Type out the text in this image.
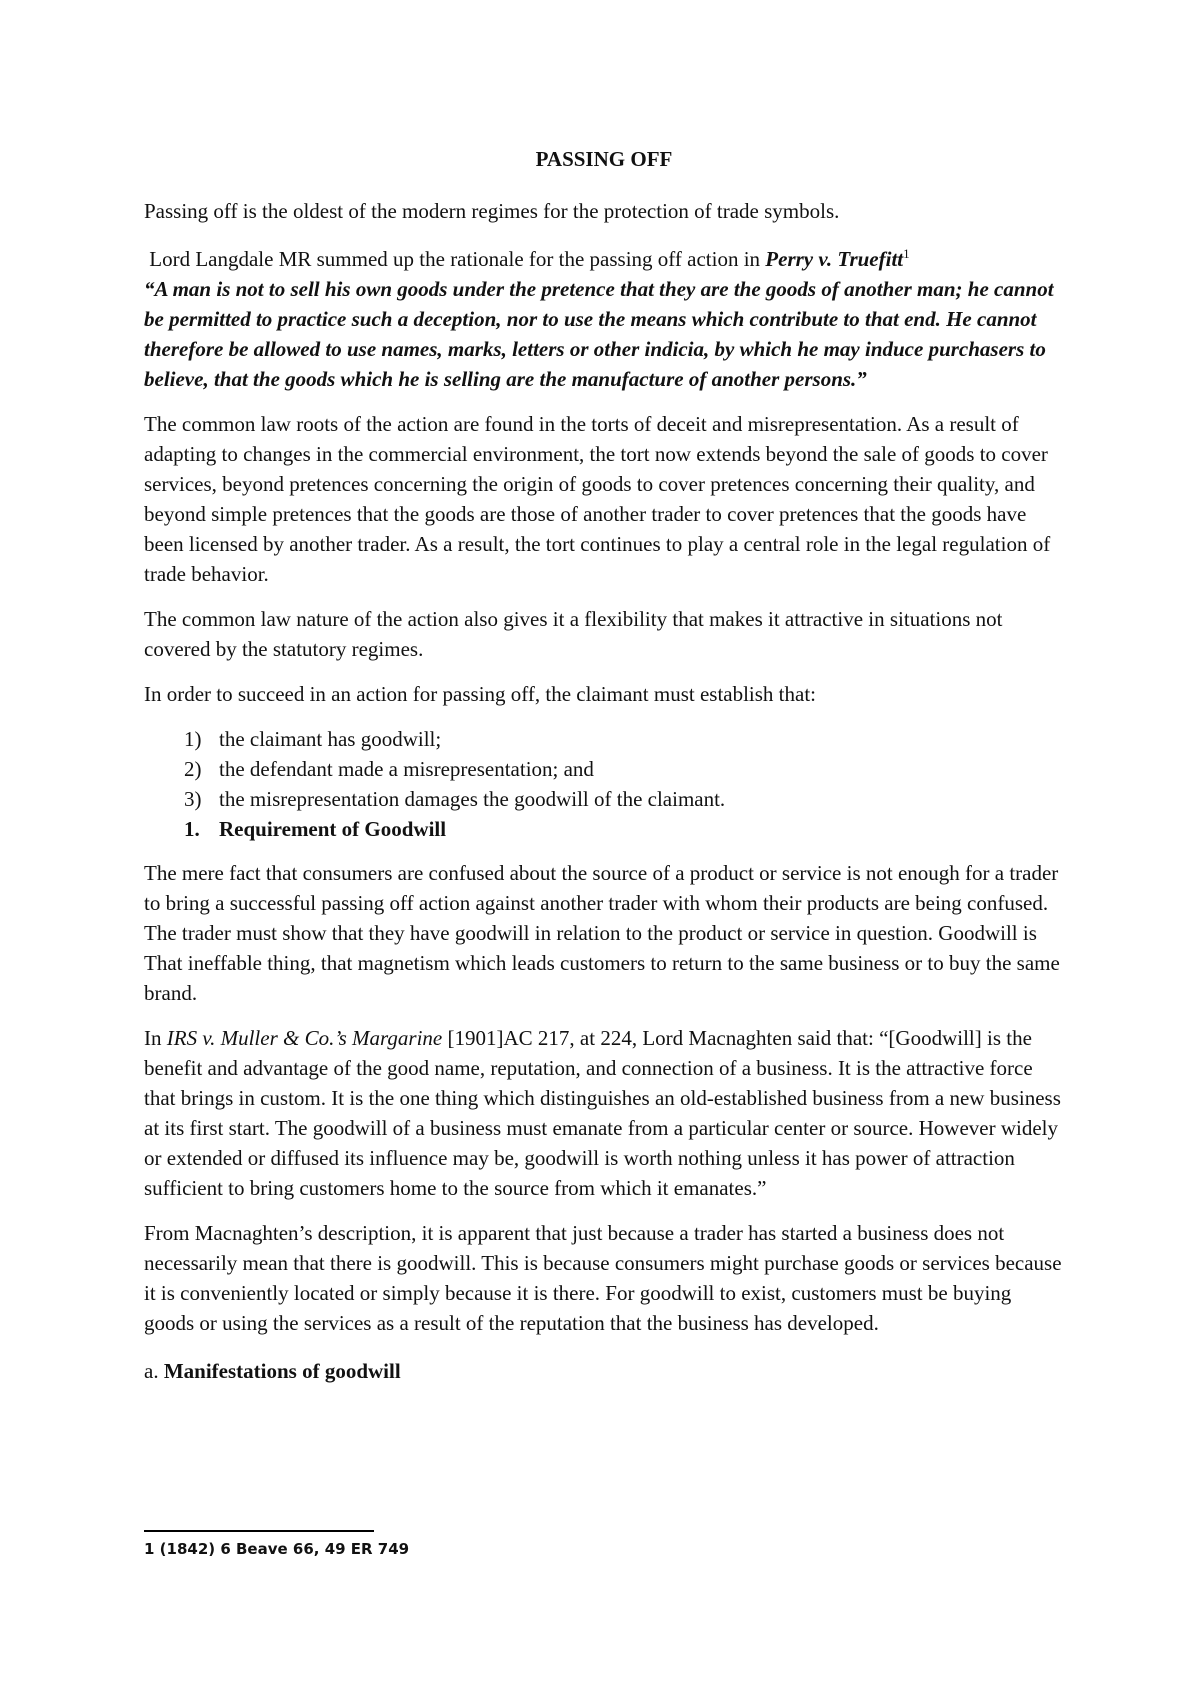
PASSING OFF

Passing off is the oldest of the modern regimes for the protection of trade symbols.

Lord Langdale MR summed up the rationale for the passing off action in Perry v. Truefitt$^1$

“A man is not to sell his own goods under the pretence that they are the goods of another man; he cannot be permitted to practice such a deception, nor to use the means which contribute to that end. He cannot therefore be allowed to use names, marks, letters or other indicia, by which he may induce purchasers to believe, that the goods which he is selling are the manufacture of another persons.”

The common law roots of the action are found in the torts of deceit and misrepresentation. As a result of adapting to changes in the commercial environment, the tort now extends beyond the sale of goods to cover services, beyond pretences concerning the origin of goods to cover pretences concerning their quality, and beyond simple pretences that the goods are those of another trader to cover pretences that the goods have been licensed by another trader. As a result, the tort continues to play a central role in the legal regulation of trade behavior.

The common law nature of the action also gives it a flexibility that makes it attractive in situations not covered by the statutory regimes.

In order to succeed in an action for passing off, the claimant must establish that:

1) the claimant has goodwill;
2) the defendant made a misrepresentation; and
3) the misrepresentation damages the goodwill of the claimant.

1. Requirement of Goodwill

The mere fact that consumers are confused about the source of a product or service is not enough for a trader to bring a successful passing off action against another trader with whom their products are being confused. The trader must show that they have goodwill in relation to the product or service in question. Goodwill is That ineffable thing, that magnetism which leads customers to return to the same business or to buy the same brand.

In IRS v. Muller & Co.’s Margarine [1901]AC 217, at 224, Lord Macnaghten said that: “[Goodwill] is the benefit and advantage of the good name, reputation, and connection of a business. It is the attractive force that brings in custom. It is the one thing which distinguishes an old-established business from a new business at its first start. The goodwill of a business must emanate from a particular center or source. However widely or extended or diffused its influence may be, goodwill is worth nothing unless it has power of attraction sufficient to bring customers home to the source from which it emanates.”

From Macnaghten’s description, it is apparent that just because a trader has started a business does not necessarily mean that there is goodwill. This is because consumers might purchase goods or services because it is conveniently located or simply because it is there. For goodwill to exist, customers must be buying goods or using the services as a result of the reputation that the business has developed.

a. Manifestations of goodwill

1 (1842) 6 Beave 66, 49 ER 749
